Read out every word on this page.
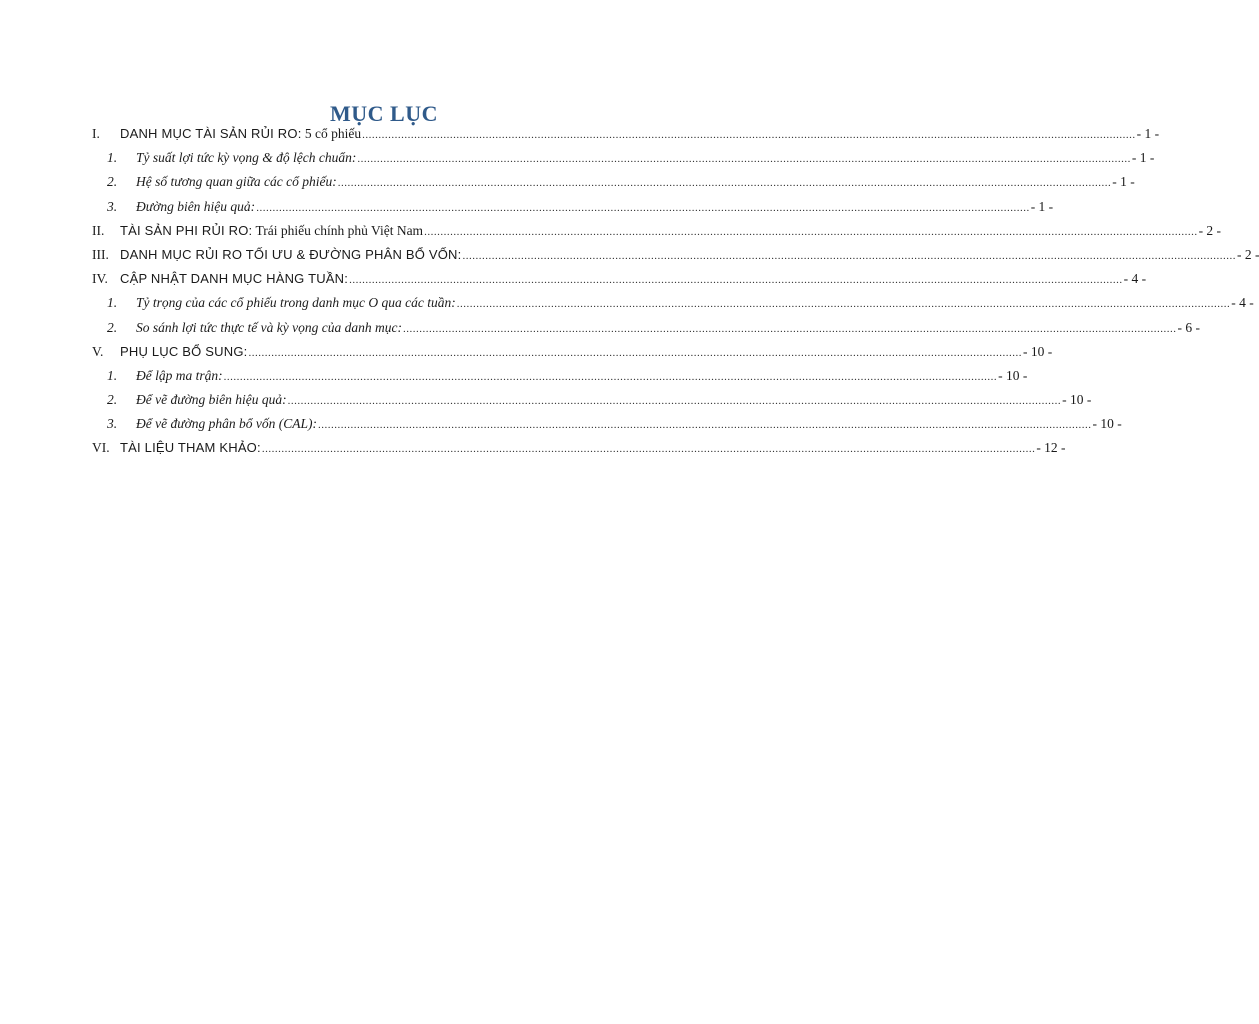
MỤC LỤC
I.	DANH MỤC TÀI SẢN RỦI RO: 5 cổ phiếu .....	- 1 -
1.	Tỷ suất lợi tức kỳ vọng & độ lệch chuẩn: .....	- 1 -
2.	Hệ số tương quan giữa các cổ phiếu: .....	- 1 -
3.	Đường biên hiệu quả: .....	- 1 -
II.	TÀI SẢN PHI RỦI RO: Trái phiếu chính phủ Việt Nam .....	- 2 -
III. DANH MỤC RỦI RO TỐI ƯU & ĐƯỜNG PHÂN BỔ VỐN: .....	- 2 -
IV. CẬP NHẬT DANH MỤC HÀNG TUẦN: .....	- 4 -
1.	Tỷ trọng của các cổ phiếu trong danh mục O qua các tuần: .....	- 4 -
2.	So sánh lợi tức thực tế và kỳ vọng của danh mục: .....	- 6 -
V.	PHỤ LỤC BỔ SUNG: .....	- 10 -
1.	Để lập ma trận: .....	- 10 -
2.	Để vẽ đường biên hiệu quả: .....	- 10 -
3.	Để vẽ đường phân bổ vốn (CAL): .....	- 10 -
VI. TÀI LIỆU THAM KHẢO: .....	- 12 -
